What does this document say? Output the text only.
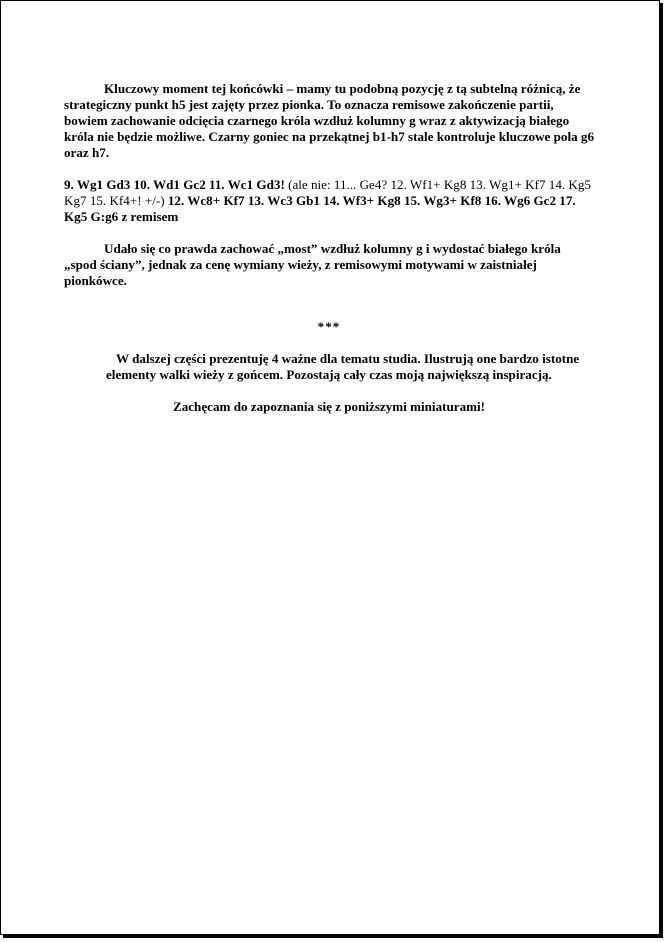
Kluczowy moment tej końcówki – mamy tu podobną pozycję z tą subtelną różnicą, że strategiczny punkt h5 jest zajęty przez pionka. To oznacza remisowe zakończenie partii, bowiem zachowanie odcięcia czarnego króla wzdłuż kolumny g wraz z aktywizacją białego króla nie będzie możliwe. Czarny goniec na przekątnej b1-h7 stale kontroluje kluczowe pola g6 oraz h7.

9. Wg1 Gd3 10. Wd1 Gc2 11. Wc1 Gd3! (ale nie: 11... Ge4? 12. Wf1+ Kg8 13. Wg1+ Kf7 14. Kg5 Kg7 15. Kf4+! +/-) 12. Wc8+ Kf7 13. Wc3 Gb1 14. Wf3+ Kg8 15. Wg3+ Kf8 16. Wg6 Gc2 17. Kg5 G:g6 z remisem

Udało się co prawda zachować „most” wzdłuż kolumny g i wydostać białego króla „spod ściany”, jednak za cenę wymiany wieży, z remisowymi motywami w zaistniałej pionkówce.

***

W dalszej części prezentuję 4 ważne dla tematu studia. Ilustrują one bardzo istotne elementy walki wieży z gońcem. Pozostają cały czas moją największą inspiracją.

Zachęcam do zapoznania się z poniższymi miniaturami!
